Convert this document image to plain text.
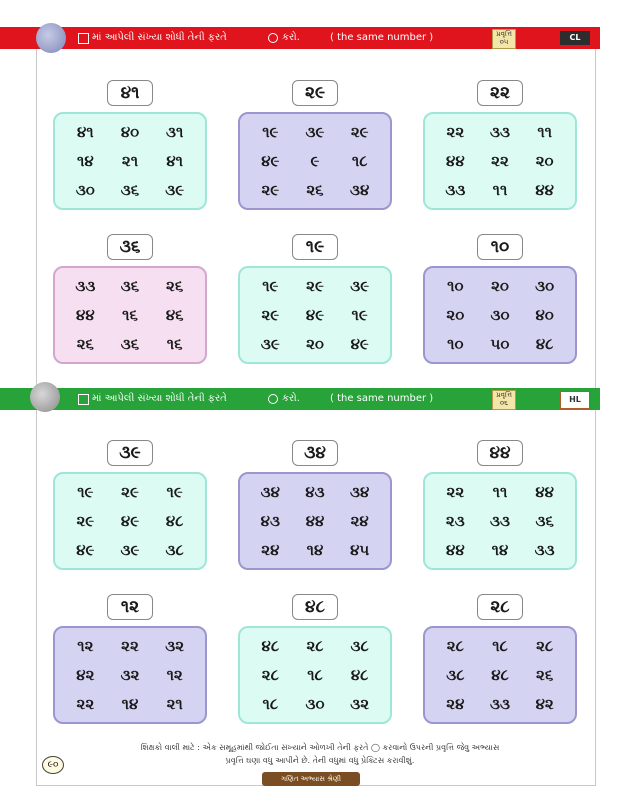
માં આપેલી સંખ્યા શોધી તેની ફરતે	કરો.	( the same number )	પ્રવૃત્તિ ૦૫	CL
માં આપેલી સંખ્યા શોધી તેની ફરતે	કરો.	( the same number )	પ્રવૃત્તિ ૦૬	HL
૪૧	૪૦	૩૧
૧૪	૨૧	૪૧
૩૦	૩૬	૩૯
૪૧
૧૯	૩૯	૨૯
૪૯	૯	૧૮
૨૯	૨૬	૩૪
૨૯
૨૨	૩૩	૧૧
૪૪	૨૨	૨૦
૩૩	૧૧	૪૪
૨૨
૩૩	૩૬	૨૬
૪૪	૧૬	૪૬
૨૬	૩૬	૧૬
૩૬
૧૯	૨૯	૩૯
૨૯	૪૯	૧૯
૩૯	૨૦	૪૯
૧૯
૧૦	૨૦	૩૦
૨૦	૩૦	૪૦
૧૦	૫૦	૪૮
૧૦
૧૯	૨૯	૧૯
૨૯	૪૯	૪૮
૪૯	૩૯	૩૮
૩૯
૩૪	૪૩	૩૪
૪૩	૪૪	૨૪
૨૪	૧૪	૪૫
૩૪
૨૨	૧૧	૪૪
૨૩	૩૩	૩૬
૪૪	૧૪	૩૩
૪૪
૧૨	૨૨	૩૨
૪૨	૩૨	૧૨
૨૨	૧૪	૨૧
૧૨
૪૮	૨૮	૩૮
૨૮	૧૮	૪૮
૧૮	૩૦	૩૨
૪૮
૨૮	૧૮	૨૮
૩૮	૪૮	૨૬
૨૪	૩૩	૪૨
૨૮
શિક્ષકો વાલી માટે : એક સમૂહમાંથી જોઈતા સંખ્યાને ઓળખી તેની ફરતે ◯ કરવાનો ઉપરની પ્રવૃત્તિ જેવુ અભ્યાસ
પ્રવૃત્તિ ઘણા વધુ આપીને છે. તેની વધુમાં વધુ પ્રેક્ટિસ કરાવીશું.
૯૦
ગણિત અભ્યાસ શ્રેણી
